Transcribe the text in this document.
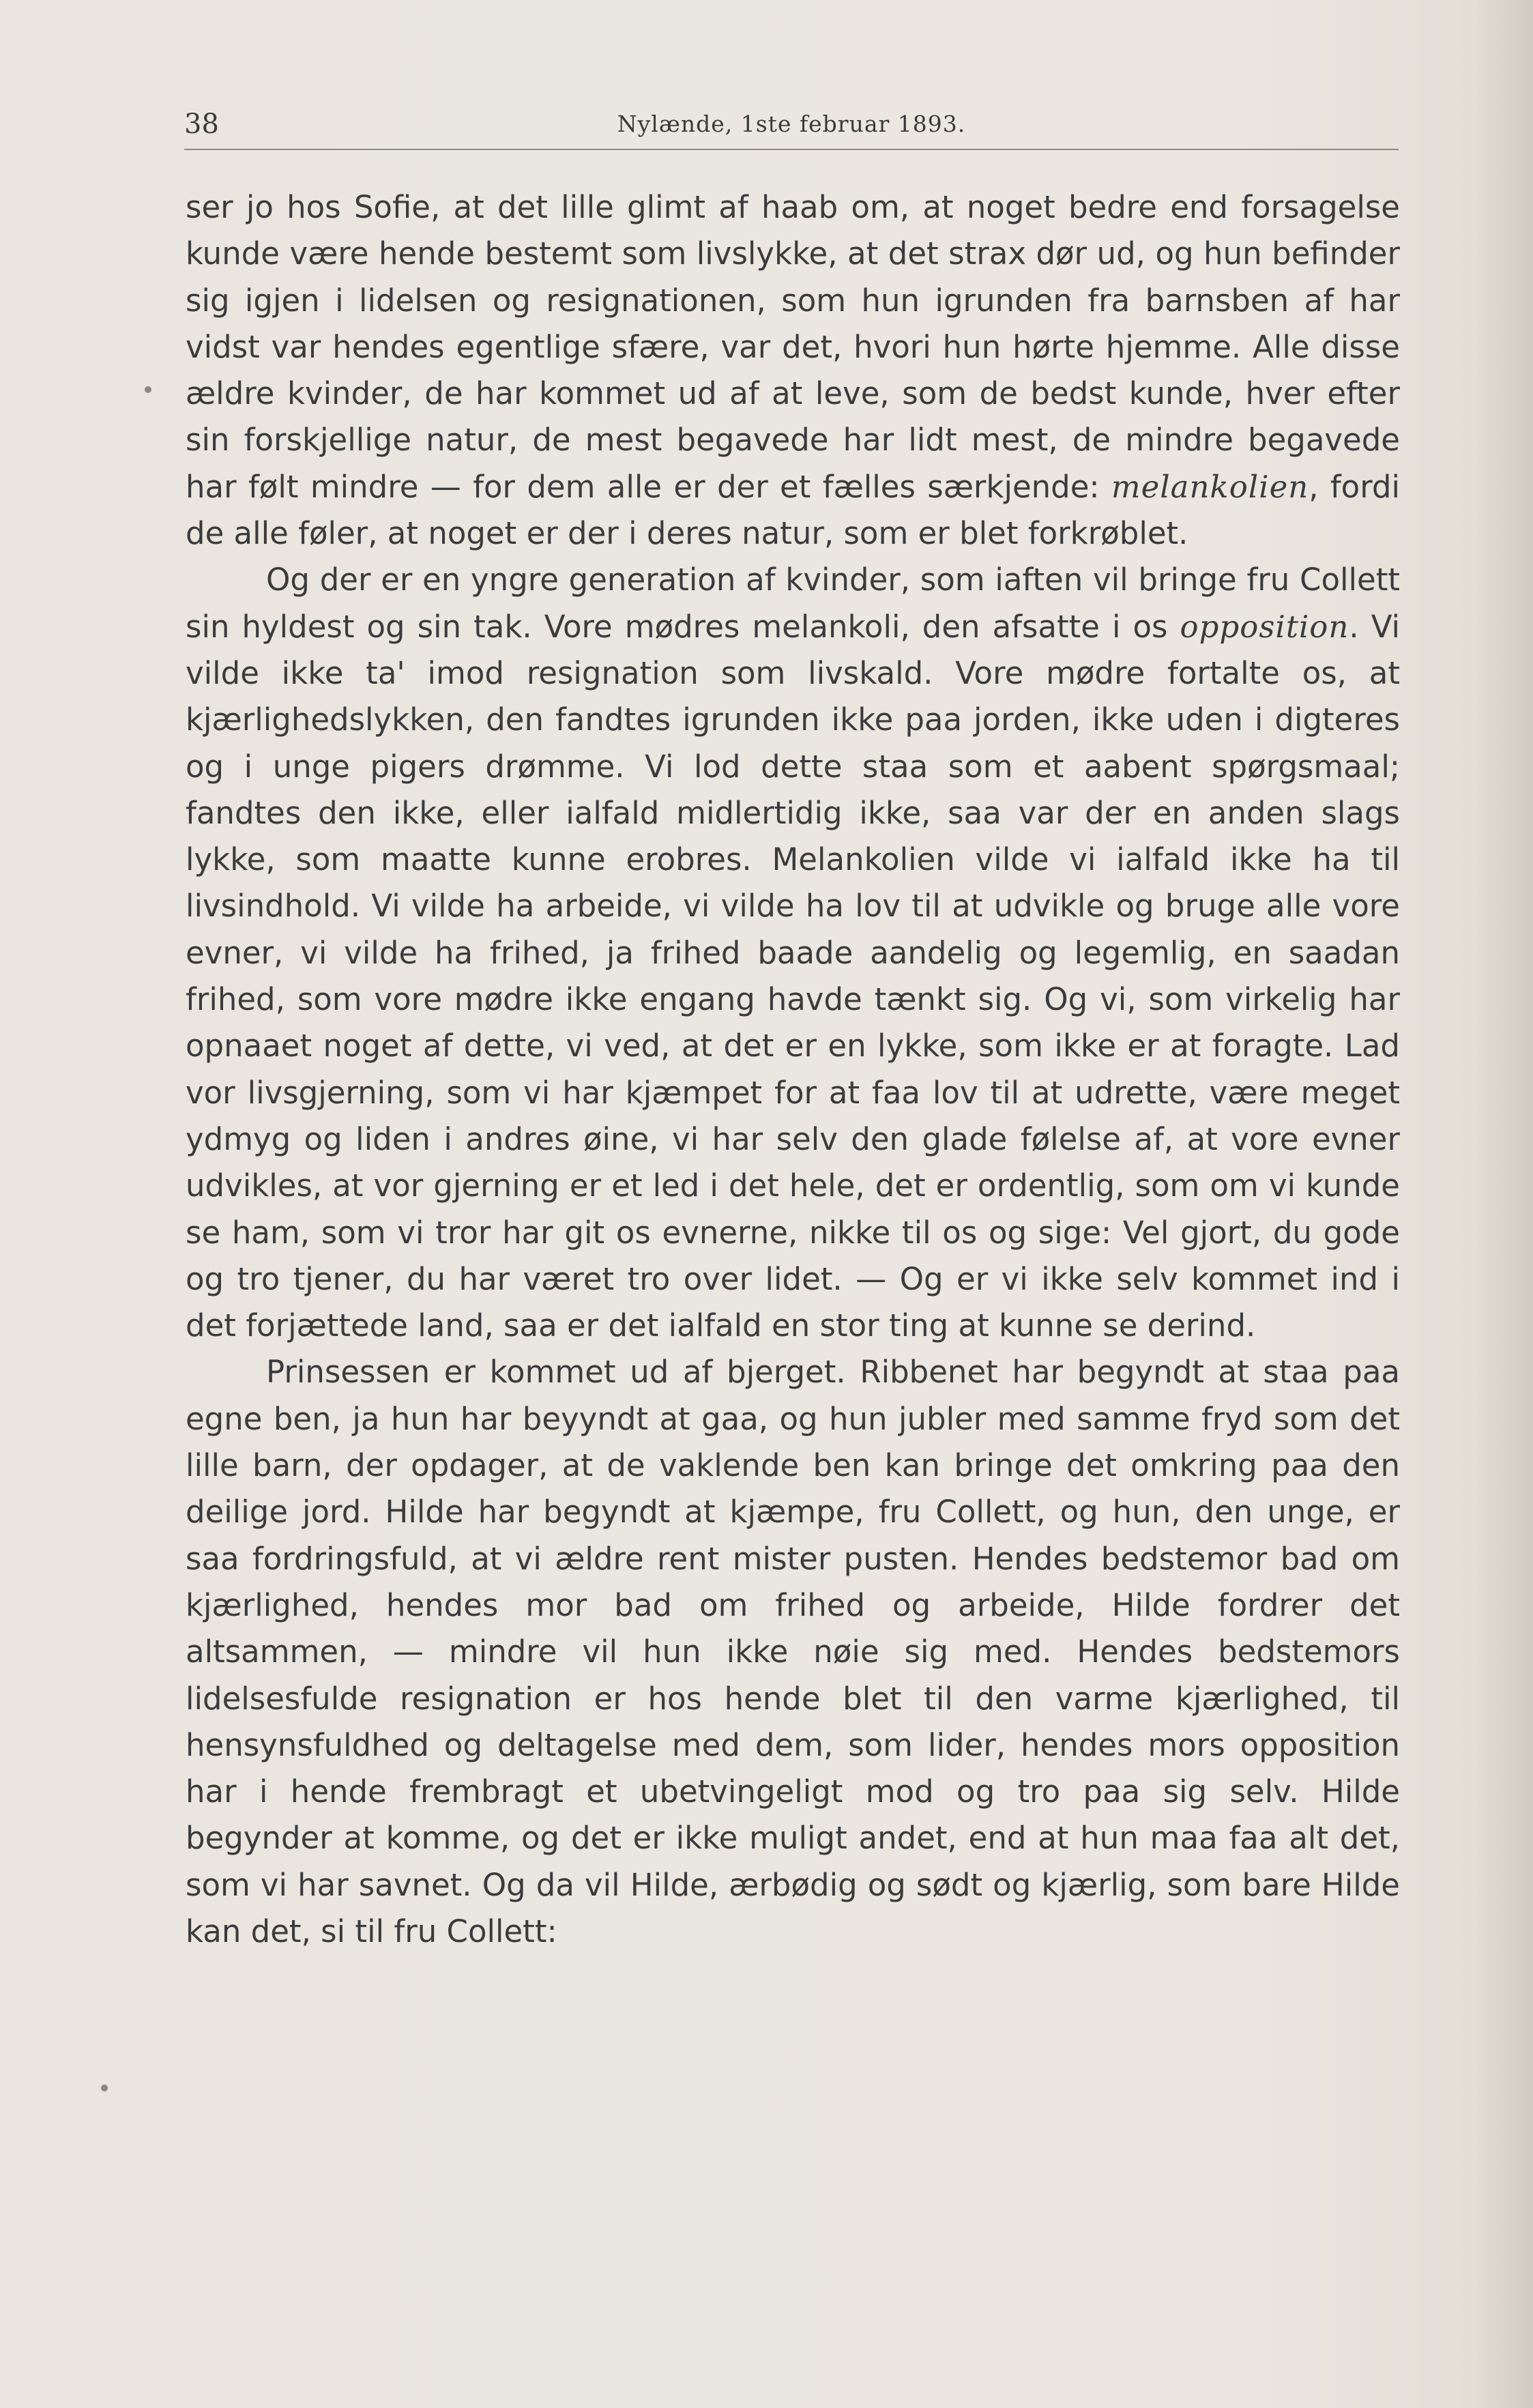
38	Nylænde, 1ste februar 1893.

ser jo hos Sofie, at det lille glimt af haab om, at noget bedre end forsagelse kunde være hende bestemt som livslykke, at det strax dør ud, og hun befinder sig igjen i lidelsen og resignationen, som hun igrunden fra barnsben af har vidst var hendes egentlige sfære, var det, hvori hun hørte hjemme. Alle disse ældre kvinder, de har kommet ud af at leve, som de bedst kunde, hver efter sin forskjellige natur, de mest begavede har lidt mest, de mindre begavede har følt mindre — for dem alle er der et fælles særkjende: melankolien, fordi de alle føler, at noget er der i deres natur, som er blet forkrøblet.

Og der er en yngre generation af kvinder, som iaften vil bringe fru Collett sin hyldest og sin tak. Vore mødres melankoli, den afsatte i os opposition. Vi vilde ikke ta' imod resignation som livskald. Vore mødre fortalte os, at kjærlighedslykken, den fandtes igrunden ikke paa jorden, ikke uden i digteres og i unge pigers drømme. Vi lod dette staa som et aabent spørgsmaal; fandtes den ikke, eller ialfald midlertidig ikke, saa var der en anden slags lykke, som maatte kunne erobres. Melankolien vilde vi ialfald ikke ha til livsindhold. Vi vilde ha arbeide, vi vilde ha lov til at udvikle og bruge alle vore evner, vi vilde ha frihed, ja frihed baade aandelig og legemlig, en saadan frihed, som vore mødre ikke engang havde tænkt sig. Og vi, som virkelig har opnaaet noget af dette, vi ved, at det er en lykke, som ikke er at foragte. Lad vor livsgjerning, som vi har kjæmpet for at faa lov til at udrette, være meget ydmyg og liden i andres øine, vi har selv den glade følelse af, at vore evner udvikles, at vor gjerning er et led i det hele, det er ordentlig, som om vi kunde se ham, som vi tror har git os evnerne, nikke til os og sige: Vel gjort, du gode og tro tjener, du har været tro over lidet. — Og er vi ikke selv kommet ind i det forjættede land, saa er det ialfald en stor ting at kunne se derind.

Prinsessen er kommet ud af bjerget. Ribbenet har begyndt at staa paa egne ben, ja hun har beyyndt at gaa, og hun jubler med samme fryd som det lille barn, der opdager, at de vaklende ben kan bringe det omkring paa den deilige jord. Hilde har begyndt at kjæmpe, fru Collett, og hun, den unge, er saa fordringsfuld, at vi ældre rent mister pusten. Hendes bedstemor bad om kjærlighed, hendes mor bad om frihed og arbeide, Hilde fordrer det altsammen, — mindre vil hun ikke nøie sig med. Hendes bedstemors lidelsesfulde resignation er hos hende blet til den varme kjærlighed, til hensynsfuldhed og deltagelse med dem, som lider, hendes mors opposition har i hende frembragt et ubetvingeligt mod og tro paa sig selv. Hilde begynder at komme, og det er ikke muligt andet, end at hun maa faa alt det, som vi har savnet. Og da vil Hilde, ærbødig og sødt og kjærlig, som bare Hilde kan det, si til fru Collett:
